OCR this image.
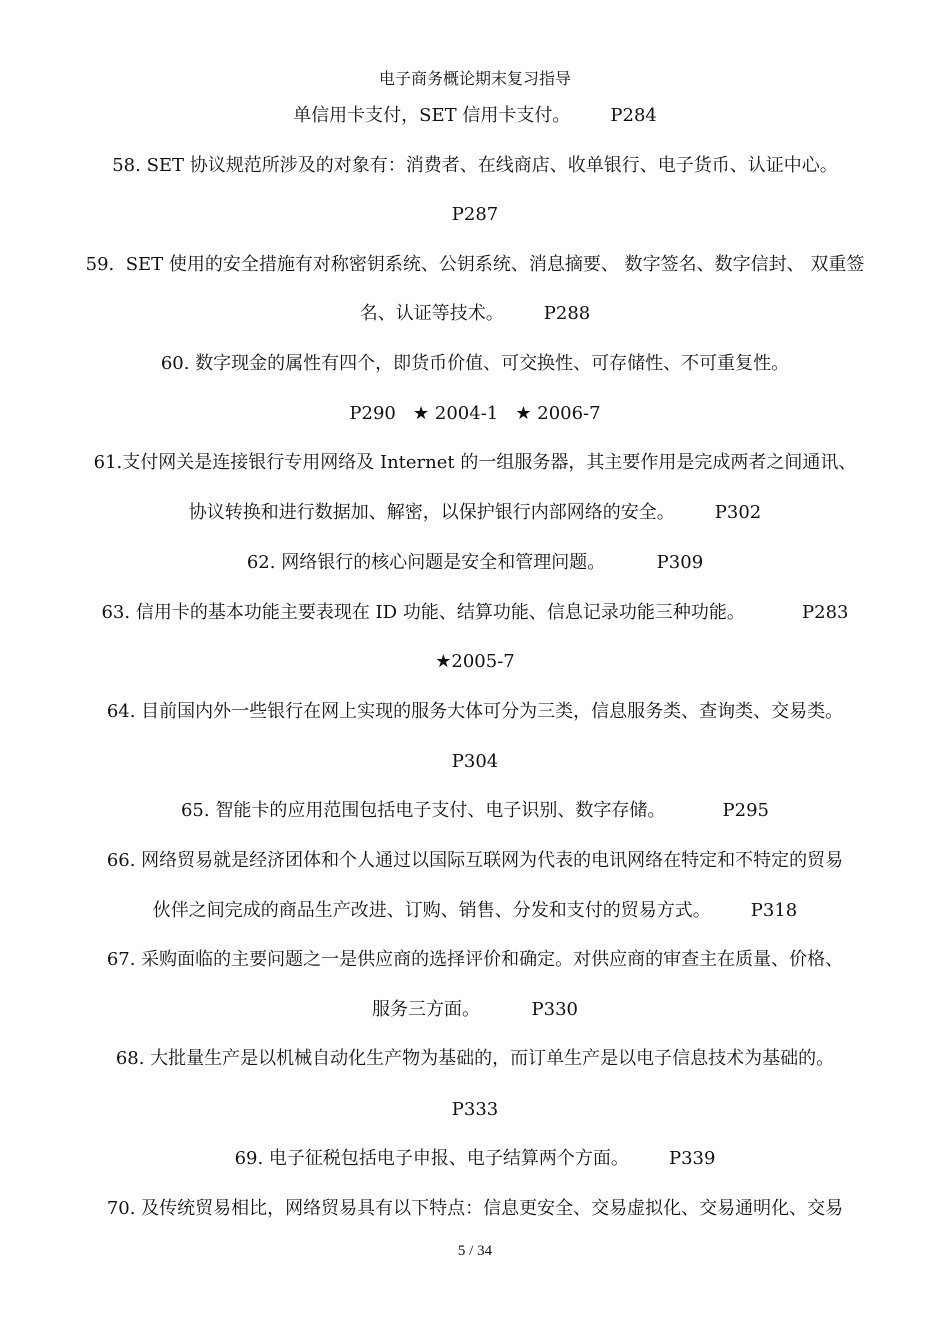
电子商务概论期末复习指导
单信用卡支付，SET 信用卡支付。       P284
58. SET 协议规范所涉及的对象有：消费者、在线商店、收单银行、电子货币、认证中心。
P287
59.  SET 使用的安全措施有对称密钥系统、公钥系统、消息摘要、 数字签名、数字信封、 双重签
名、认证等技术。       P288
60. 数字现金的属性有四个，即货币价值、可交换性、可存储性、不可重复性。
P290   ★ 2004-1   ★ 2006-7
61.支付网关是连接银行专用网络及 Internet 的一组服务器，其主要作用是完成两者之间通讯、
协议转换和进行数据加、解密，以保护银行内部网络的安全。       P302
62. 网络银行的核心问题是安全和管理问题。         P309
63. 信用卡的基本功能主要表现在 ID 功能、结算功能、信息记录功能三种功能。          P283
★2005-7
64. 目前国内外一些银行在网上实现的服务大体可分为三类，信息服务类、查询类、交易类。
P304
65. 智能卡的应用范围包括电子支付、电子识别、数字存储。          P295
66. 网络贸易就是经济团体和个人通过以国际互联网为代表的电讯网络在特定和不特定的贸易
伙伴之间完成的商品生产改进、订购、销售、分发和支付的贸易方式。       P318
67. 采购面临的主要问题之一是供应商的选择评价和确定。对供应商的审查主在质量、价格、
服务三方面。         P330
68. 大批量生产是以机械自动化生产物为基础的，而订单生产是以电子信息技术为基础的。
P333
69. 电子征税包括电子申报、电子结算两个方面。       P339
70. 及传统贸易相比，网络贸易具有以下特点：信息更安全、交易虚拟化、交易通明化、交易
5 / 34
